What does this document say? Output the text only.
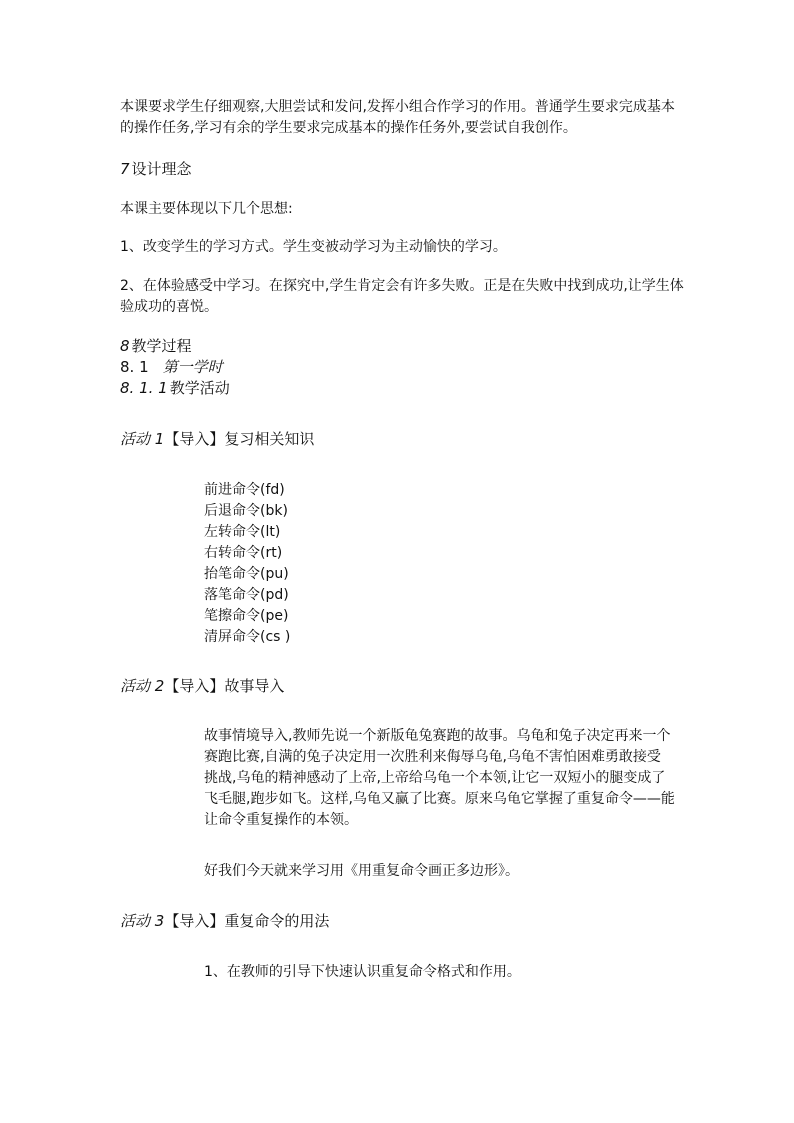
本课要求学生仔细观察,大胆尝试和发问,发挥小组合作学习的作用。普通学生要求完成基本
的操作任务,学习有余的学生要求完成基本的操作任务外,要尝试自我创作。
7 设计理念
本课主要体现以下几个思想:
1、改变学生的学习方式。学生变被动学习为主动愉快的学习。
2、在体验感受中学习。在探究中,学生肯定会有许多失败。正是在失败中找到成功,让学生体
验成功的喜悦。
8 教学过程
8. 1 第一学时
8. 1. 1 教学活动
活动 1【导入】复习相关知识
前进命令(fd)
后退命令(bk)
左转命令(lt)
右转命令(rt)
抬笔命令(pu)
落笔命令(pd)
笔擦命令(pe)
清屏命令(cs )
活动 2【导入】故事导入
故事情境导入,教师先说一个新版龟兔赛跑的故事。乌龟和兔子决定再来一个
赛跑比赛,自满的兔子决定用一次胜利来侮辱乌龟,乌龟不害怕困难勇敢接受
挑战,乌龟的精神感动了上帝,上帝给乌龟一个本领,让它一双短小的腿变成了
飞毛腿,跑步如飞。这样,乌龟又赢了比赛。原来乌龟它掌握了重复命令——能
让命令重复操作的本领。
好我们今天就来学习用《用重复命令画正多边形》。
活动 3【导入】重复命令的用法
1、在教师的引导下快速认识重复命令格式和作用。
